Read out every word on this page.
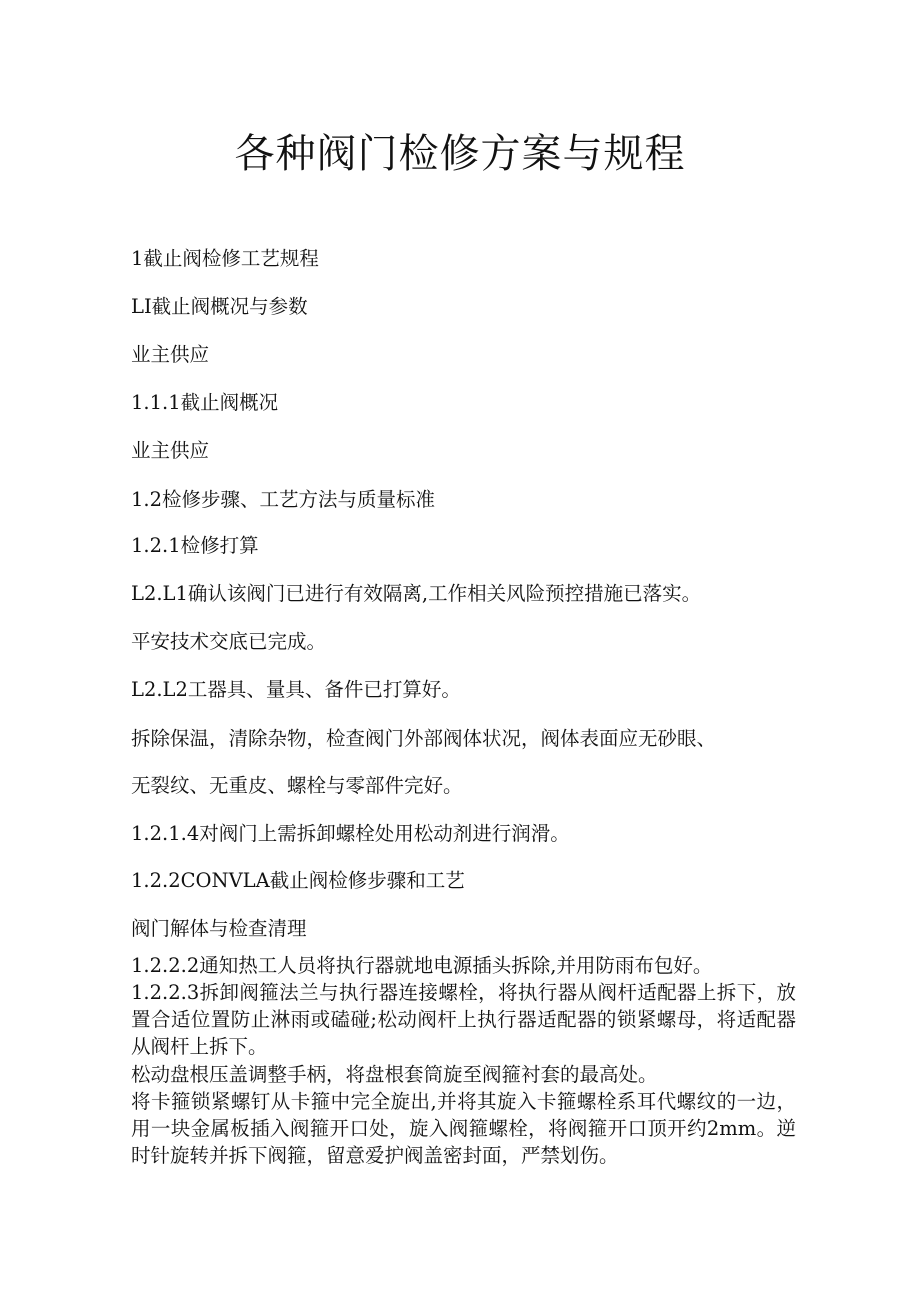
各种阀门检修方案与规程

1截止阀检修工艺规程

LI截止阀概况与参数

业主供应

1.1.1截止阀概况

业主供应

1.2检修步骤、工艺方法与质量标准

1.2.1检修打算

L2.L1确认该阀门已进行有效隔离,工作相关风险预控措施已落实。

平安技术交底已完成。

L2.L2工器具、量具、备件已打算好。

拆除保温，清除杂物，检查阀门外部阀体状况，阀体表面应无砂眼、

无裂纹、无重皮、螺栓与零部件完好。

1.2.1.4对阀门上需拆卸螺栓处用松动剂进行润滑。

1.2.2CONVLA截止阀检修步骤和工艺

阀门解体与检查清理

1.2.2.2通知热工人员将执行器就地电源插头拆除,并用防雨布包好。

1.2.2.3拆卸阀箍法兰与执行器连接螺栓，将执行器从阀杆适配器上拆下，放置合适位置防止淋雨或磕碰;松动阀杆上执行器适配器的锁紧螺母，将适配器从阀杆上拆下。

松动盘根压盖调整手柄，将盘根套筒旋至阀箍衬套的最高处。

将卡箍锁紧螺钉从卡箍中完全旋出,并将其旋入卡箍螺栓系耳代螺纹的一边，用一块金属板插入阀箍开口处，旋入阀箍螺栓，将阀箍开口顶开约2mm。逆时针旋转并拆下阀箍，留意爱护阀盖密封面，严禁划伤。
